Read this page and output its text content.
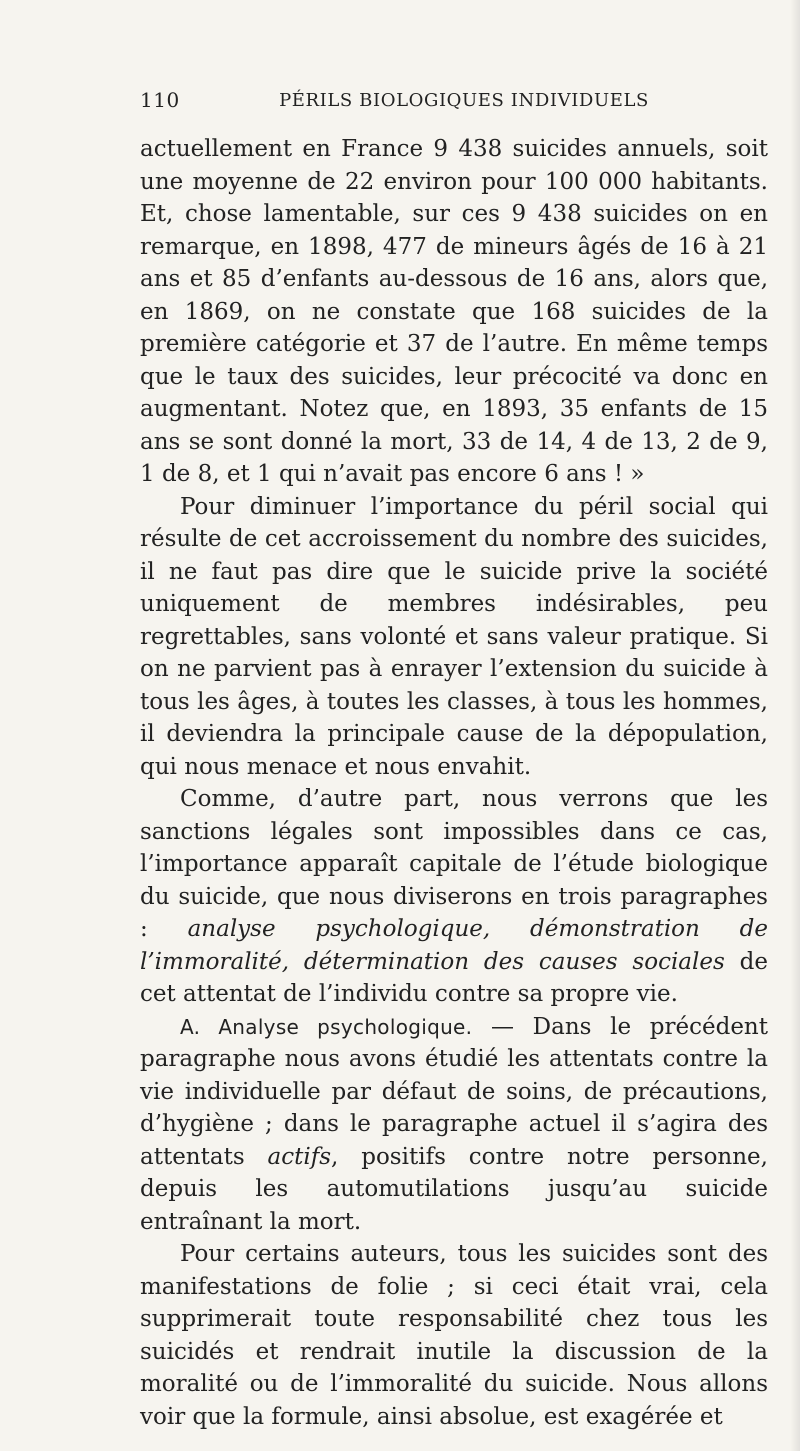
110	PÉRILS BIOLOGIQUES INDIVIDUELS

actuellement en France 9 438 suicides annuels, soit une moyenne de 22 environ pour 100 000 habitants. Et, chose lamentable, sur ces 9 438 suicides on en remarque, en 1898, 477 de mineurs âgés de 16 à 21 ans et 85 d’enfants au-dessous de 16 ans, alors que, en 1869, on ne constate que 168 suicides de la première catégorie et 37 de l’autre. En même temps que le taux des suicides, leur précocité va donc en augmentant. Notez que, en 1893, 35 enfants de 15 ans se sont donné la mort, 33 de 14, 4 de 13, 2 de 9, 1 de 8, et 1 qui n’avait pas encore 6 ans ! »

Pour diminuer l’importance du péril social qui résulte de cet accroissement du nombre des suicides, il ne faut pas dire que le suicide prive la société uniquement de membres indésirables, peu regrettables, sans volonté et sans valeur pratique. Si on ne parvient pas à enrayer l’extension du suicide à tous les âges, à toutes les classes, à tous les hommes, il deviendra la principale cause de la dépopulation, qui nous menace et nous envahit.

Comme, d’autre part, nous verrons que les sanctions légales sont impossibles dans ce cas, l’importance apparaît capitale de l’étude biologique du suicide, que nous diviserons en trois paragraphes : analyse psychologique, démonstration de l’immoralité, détermination des causes sociales de cet attentat de l’individu contre sa propre vie.

A. Analyse psychologique. — Dans le précédent paragraphe nous avons étudié les attentats contre la vie individuelle par défaut de soins, de précautions, d’hygiène ; dans le paragraphe actuel il s’agira des attentats actifs, positifs contre notre personne, depuis les automutilations jusqu’au suicide entraînant la mort.

Pour certains auteurs, tous les suicides sont des manifestations de folie ; si ceci était vrai, cela supprimerait toute responsabilité chez tous les suicidés et rendrait inutile la discussion de la moralité ou de l’immoralité du suicide. Nous allons voir que la formule, ainsi absolue, est exagérée et
